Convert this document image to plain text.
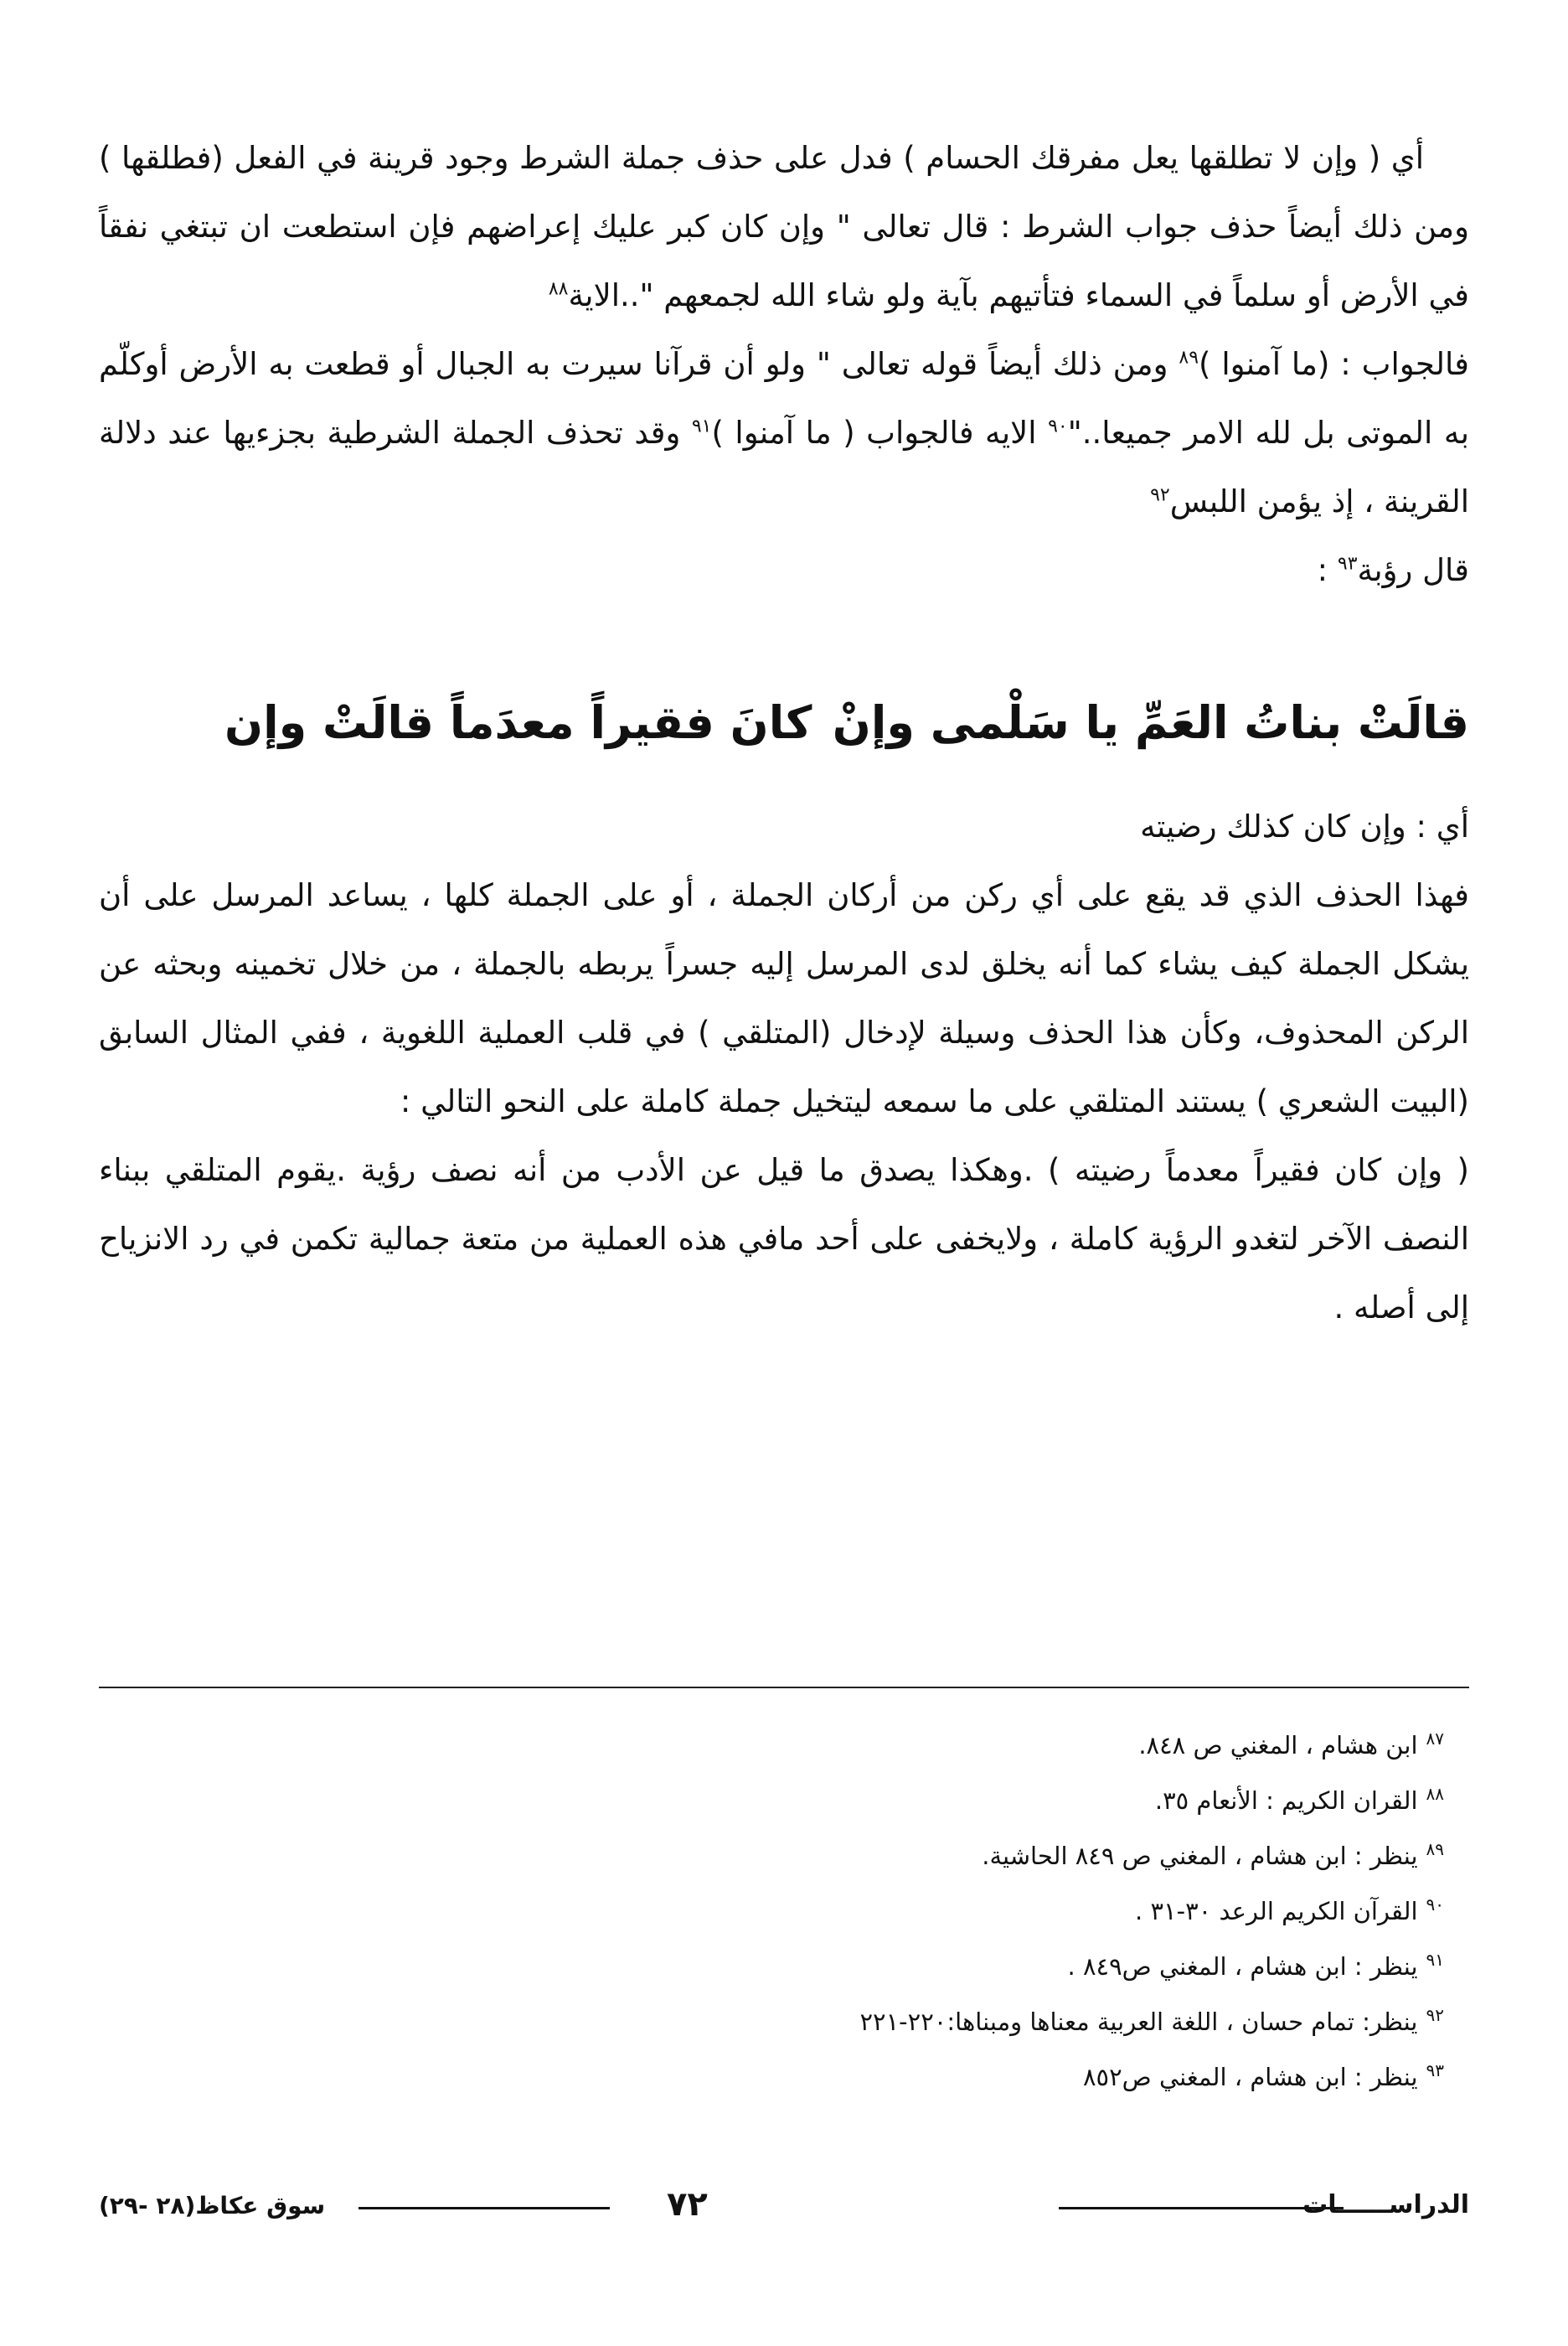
أي ( وإن لا تطلقها يعل مفرقك الحسام ) فدل على حذف جملة الشرط وجود قرينة في الفعل (فطلقها ) ومن ذلك أيضاً حذف جواب الشرط : قال تعالى " وإن كان كبر عليك إعراضهم فإن استطعت ان تبتغي نفقاً في الأرض أو سلماً في السماء فتأتيهم بآية ولو شاء الله لجمعهم "..الاية$^{٨٨}$

فالجواب : (ما آمنوا )$^{٨٩}$ ومن ذلك أيضاً قوله تعالى " ولو أن قرآنا سيرت به الجبال أو قطعت به الأرض أوكلّم به الموتى بل لله الامر جميعا.."$^{٩٠}$ الايه فالجواب ( ما آمنوا )$^{٩١}$ وقد تحذف الجملة الشرطية بجزءيها عند دلالة القرينة ، إذ يؤمن اللبس$^{٩٢}$

قال رؤبة$^{٩٣}$ :

قالَتْ بناتُ العَمِّ يا سَلْمى وإنْ
كانَ فقيراً معدَماً قالَتْ وإن

أي : وإن كان كذلك رضيته

فهذا الحذف الذي قد يقع على أي ركن من أركان الجملة ، أو على الجملة كلها ، يساعد المرسل على أن يشكل الجملة كيف يشاء كما أنه يخلق لدى المرسل إليه جسراً يربطه بالجملة ، من خلال تخمينه وبحثه عن الركن المحذوف، وكأن هذا الحذف وسيلة لإدخال (المتلقي ) في قلب العملية اللغوية ، ففي المثال السابق (البيت الشعري ) يستند المتلقي على ما سمعه ليتخيل جملة كاملة على النحو التالي :

( وإن كان فقيراً معدماً رضيته ) .وهكذا يصدق ما قيل عن الأدب من أنه نصف رؤية .يقوم المتلقي ببناء النصف الآخر لتغدو الرؤية كاملة ، ولايخفى على أحد مافي هذه العملية من متعة جمالية تكمن في رد الانزياح إلى أصله .

$^{٨٧}$ابن هشام ، المغني ص ٨٤٨.

$^{٨٨}$القران الكريم : الأنعام ٣٥.

$^{٨٩}$ينظر : ابن هشام ، المغني ص ٨٤٩ الحاشية.

$^{٩٠}$القرآن الكريم الرعد ٣٠-٣١ .

$^{٩١}$ينظر : ابن هشام ، المغني ص٨٤٩ .

$^{٩٢}$ينظر: تمام حسان ، اللغة العربية معناها ومبناها:٢٢٠-٢٢١

$^{٩٣}$ينظر : ابن هشام ، المغني ص٨٥٢

الدراســــــات
٧٢
سوق عكاظ(٢٨ -٢٩)
